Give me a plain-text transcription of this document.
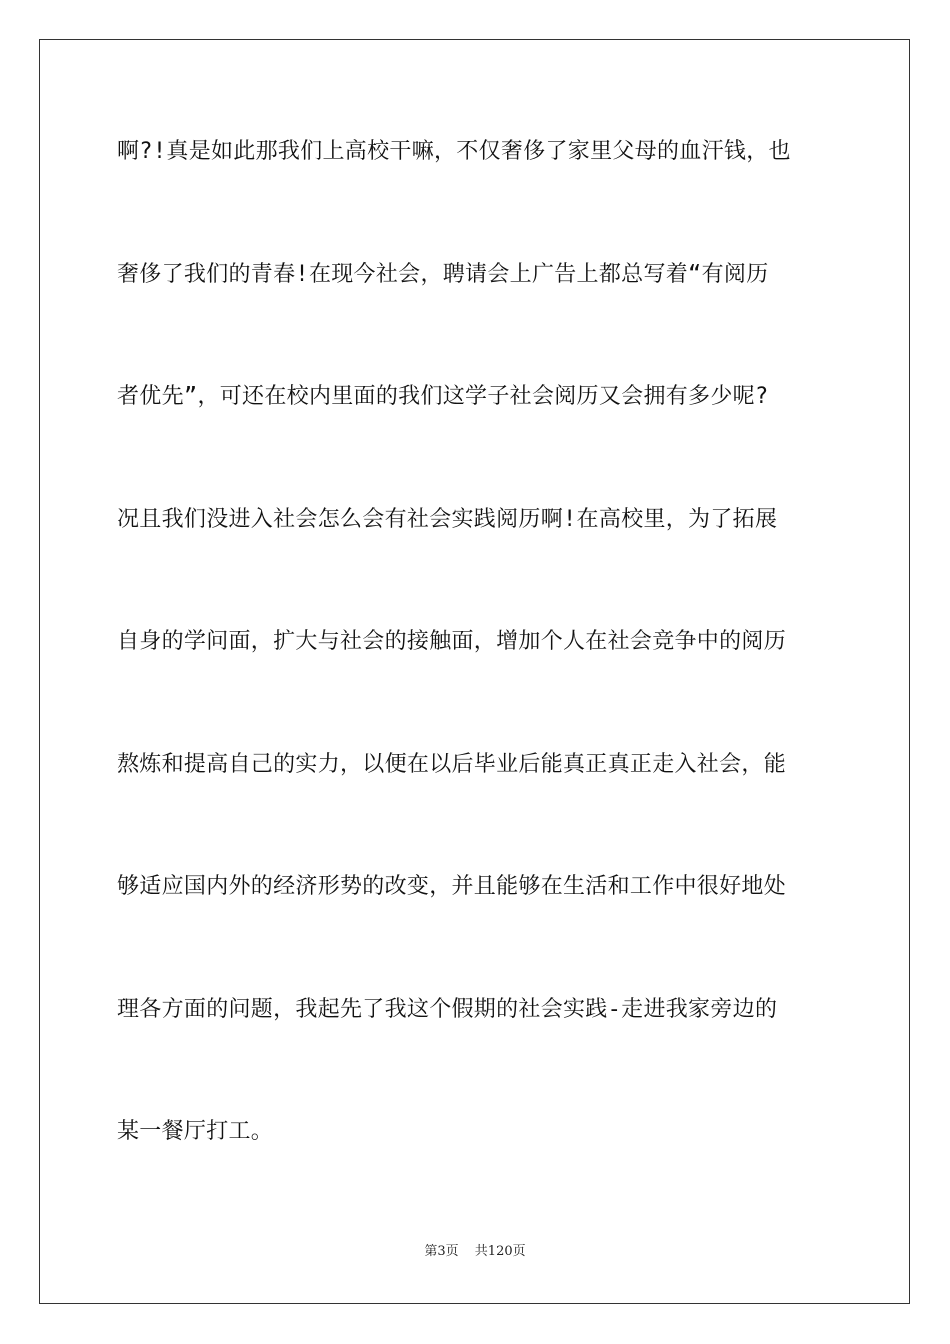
啊?!真是如此那我们上高校干嘛，不仅奢侈了家里父母的血汗钱，也
奢侈了我们的青春!在现今社会，聘请会上广告上都总写着“有阅历
者优先”，可还在校内里面的我们这学子社会阅历又会拥有多少呢?
况且我们没进入社会怎么会有社会实践阅历啊!在高校里，为了拓展
自身的学问面，扩大与社会的接触面，增加个人在社会竞争中的阅历
熬炼和提高自己的实力，以便在以后毕业后能真正真正走入社会，能
够适应国内外的经济形势的改变，并且能够在生活和工作中很好地处
理各方面的问题，我起先了我这个假期的社会实践-走进我家旁边的
某一餐厅打工。
第3页 共120页
